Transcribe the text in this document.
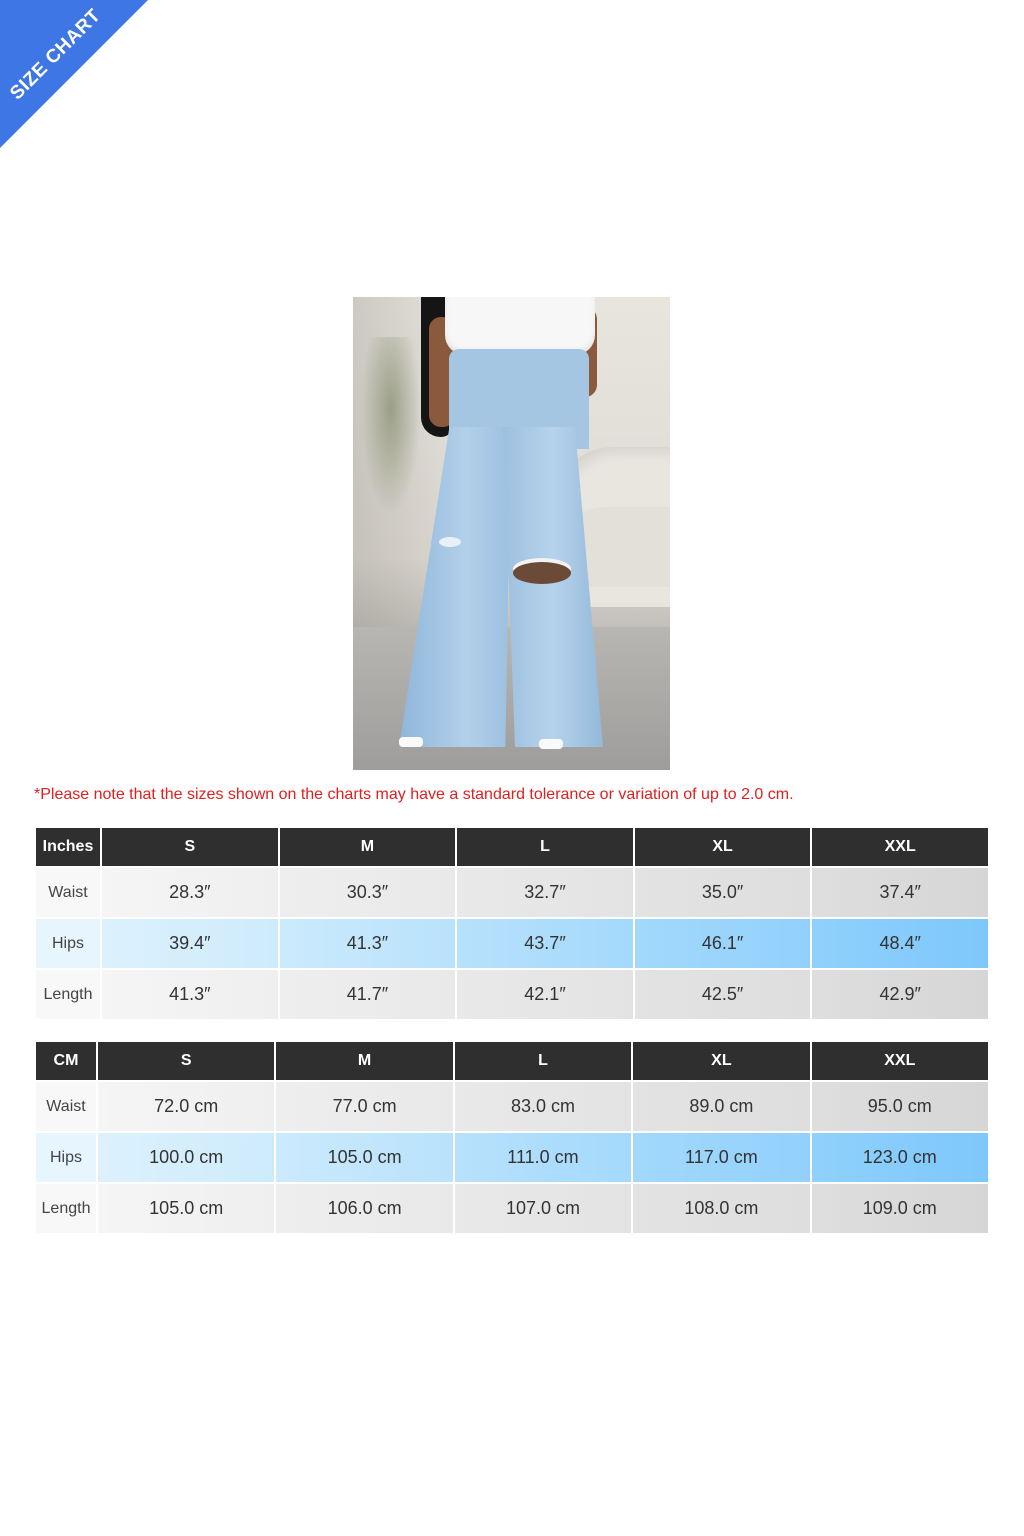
SIZE CHART
*Please note that the sizes shown on the charts may have a standard tolerance or variation of up to 2.0 cm.
Inches	S	M	L	XL	XXL
Waist	28.3″	30.3″	32.7″	35.0″	37.4″
Hips	39.4″	41.3″	43.7″	46.1″	48.4″
Length	41.3″	41.7″	42.1″	42.5″	42.9″
CM	S	M	L	XL	XXL
Waist	72.0 cm	77.0 cm	83.0 cm	89.0 cm	95.0 cm
Hips	100.0 cm	105.0 cm	111.0 cm	117.0 cm	123.0 cm
Length	105.0 cm	106.0 cm	107.0 cm	108.0 cm	109.0 cm
